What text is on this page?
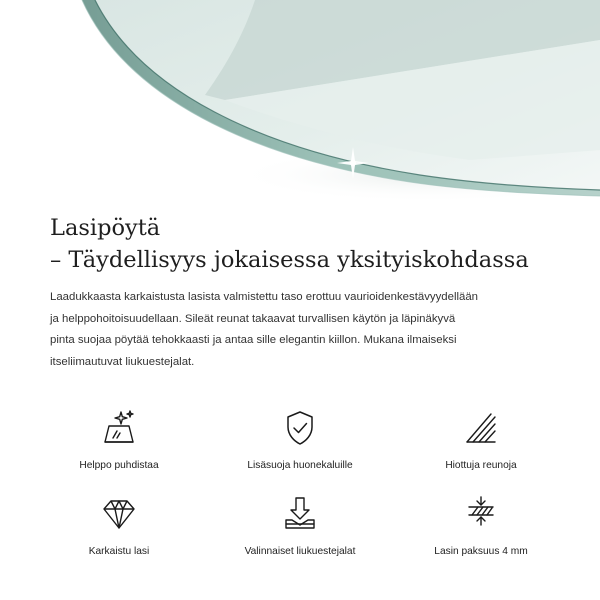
Lasipöytä
– Täydellisyys jokaisessa yksityiskohdassa

Laadukkaasta karkaistusta lasista valmistettu taso erottuu vaurioidenkestävyydellään
ja helppohoitoisuudellaan. Sileät reunat takaavat turvallisen käytön ja läpinäkyvä
pinta suojaa pöytää tehokkaasti ja antaa sille elegantin kiillon. Mukana ilmaiseksi
itseliimautuvat liukuestejalat.

Helppo puhdistaa	Lisäsuoja huonekaluille	Hiottuja reunoja
Karkaistu lasi	Valinnaiset liukuestejalat	Lasin paksuus 4 mm
